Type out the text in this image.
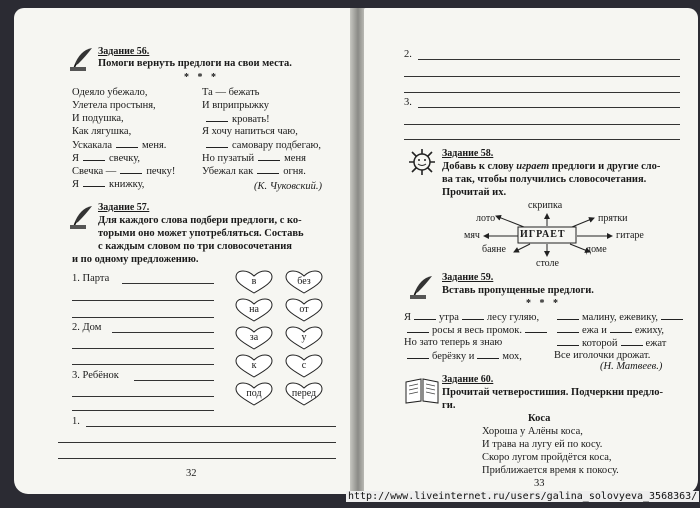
Задание 56.
Помоги вернуть предлоги на свои места.
* * *
Одеяло убежало,
Улетела простыня,
И подушка,
Как лягушка,
Ускакала	меня.
Я	свечку,
Свечка —	печку!
Я	книжку,
Та — бежать
И вприпрыжку
кровать!
Я хочу напиться чаю,
самовару подбегаю,
Но пузатый	меня
Убежал как	огня.
(К. Чуковский.)
Задание 57.
Для каждого слова подбери предлоги, с ко-
торыми оно может употребляться. Составь
с каждым словом по три словосочетания
и по одному предложению.
1. Парта
2. Дом
3. Ребёнок
в	без
на	от
за	у
к	с
под	перед
1.
32
2.
3.
Задание 58.
Добавь к слову играет предлоги и другие сло-
ва так, чтобы получились словосочетания.
Прочитай их.
ИГРАЕТ
скрипка
лото	прятки
мяч	гитаре
баяне	доме
столе
Задание 59.
Вставь пропущенные предлоги.
* * *
Я	утра	лесу гуляю,
росы я весь промок.
Но зато теперь я знаю
берёзку и	мох,
малину, ежевику,
ежа и	ежиху,
которой	ежат
Все иголочки дрожат.
(Н. Матвеев.)
Задание 60.
Прочитай четверостишия. Подчеркни предло-
ги.
Коса
Хороша у Алёны коса,
И трава на лугу ей по косу.
Скоро лугом пройдётся коса,
Приближается время к покосу.
33
http://www.liveinternet.ru/users/galina_solovyeva_3568363/
